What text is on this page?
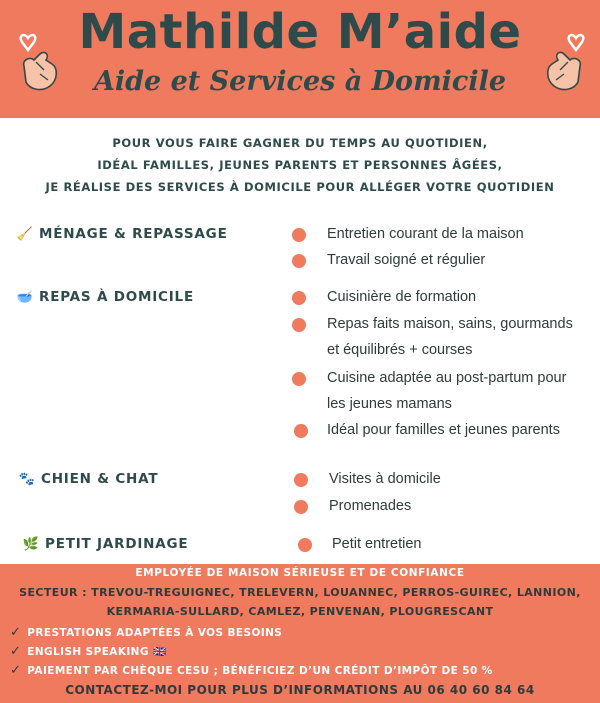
Mathilde M’aide
Aide et Services à Domicile
POUR VOUS FAIRE GAGNER DU TEMPS AU QUOTIDIEN,
IDÉAL FAMILLES, JEUNES PARENTS ET PERSONNES ÂGÉES,
JE RÉALISE DES SERVICES À DOMICILE POUR ALLÉGER VOTRE QUOTIDIEN
🧹 MÉNAGE & REPASSAGE	Entretien courant de la maison
Travail soigné et régulier
🥣 REPAS À DOMICILE	Cuisinière de formation
Repas faits maison, sains, gourmands
et équilibrés + courses
Cuisine adaptée au post-partum pour
les jeunes mamans
Idéal pour familles et jeunes parents
🐾 CHIEN & CHAT	Visites à domicile
Promenades
🌿 PETIT JARDINAGE	Petit entretien
EMPLOYÉE DE MAISON SÉRIEUSE ET DE CONFIANCE
SECTEUR : TREVOU-TREGUIGNEC, TRELEVERN, LOUANNEC, PERROS-GUIREC, LANNION,
KERMARIA-SULLARD, CAMLEZ, PENVENAN, PLOUGRESCANT
✓ PRESTATIONS ADAPTÉES À VOS BESOINS
✓ ENGLISH SPEAKING 🇬🇧
✓ PAIEMENT PAR CHÈQUE CESU ; BÉNÉFICIEZ D’UN CRÉDIT D’IMPÔT DE 50 %
CONTACTEZ-MOI POUR PLUS D’INFORMATIONS AU 06 40 60 84 64
